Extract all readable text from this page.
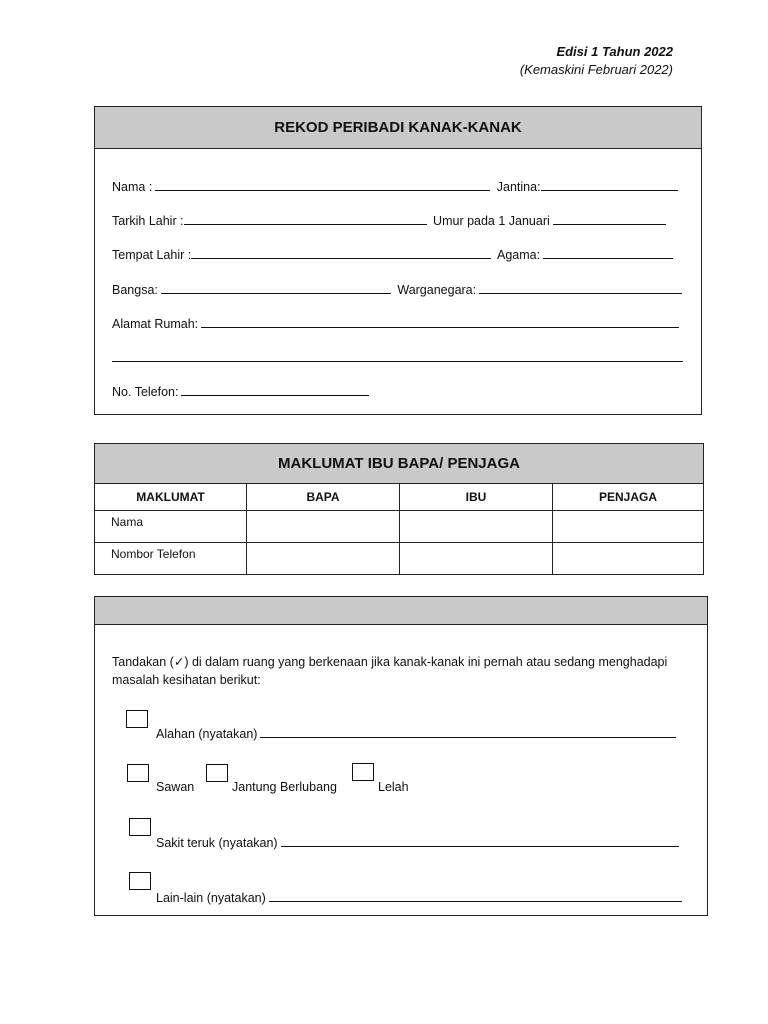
Edisi 1 Tahun 2022
(Kemaskini Februari 2022)
REKOD PERIBADI KANAK-KANAK
Nama :	Jantina:
Tarkih Lahir :	Umur pada 1 Januari
Tempat Lahir :	Agama:
Bangsa:	Warganegara:
Alamat Rumah:
No. Telefon:
MAKLUMAT IBU BAPA/ PENJAGA
MAKLUMAT	BAPA	IBU	PENJAGA
Nama			
Nombor Telefon			
Tandakan (✓) di dalam ruang yang berkenaan jika kanak-kanak ini pernah atau sedang menghadapi masalah kesihatan berikut:
Alahan (nyatakan)
Sawan	Jantung Berlubang	Lelah
Sakit teruk (nyatakan)
Lain-lain (nyatakan)
